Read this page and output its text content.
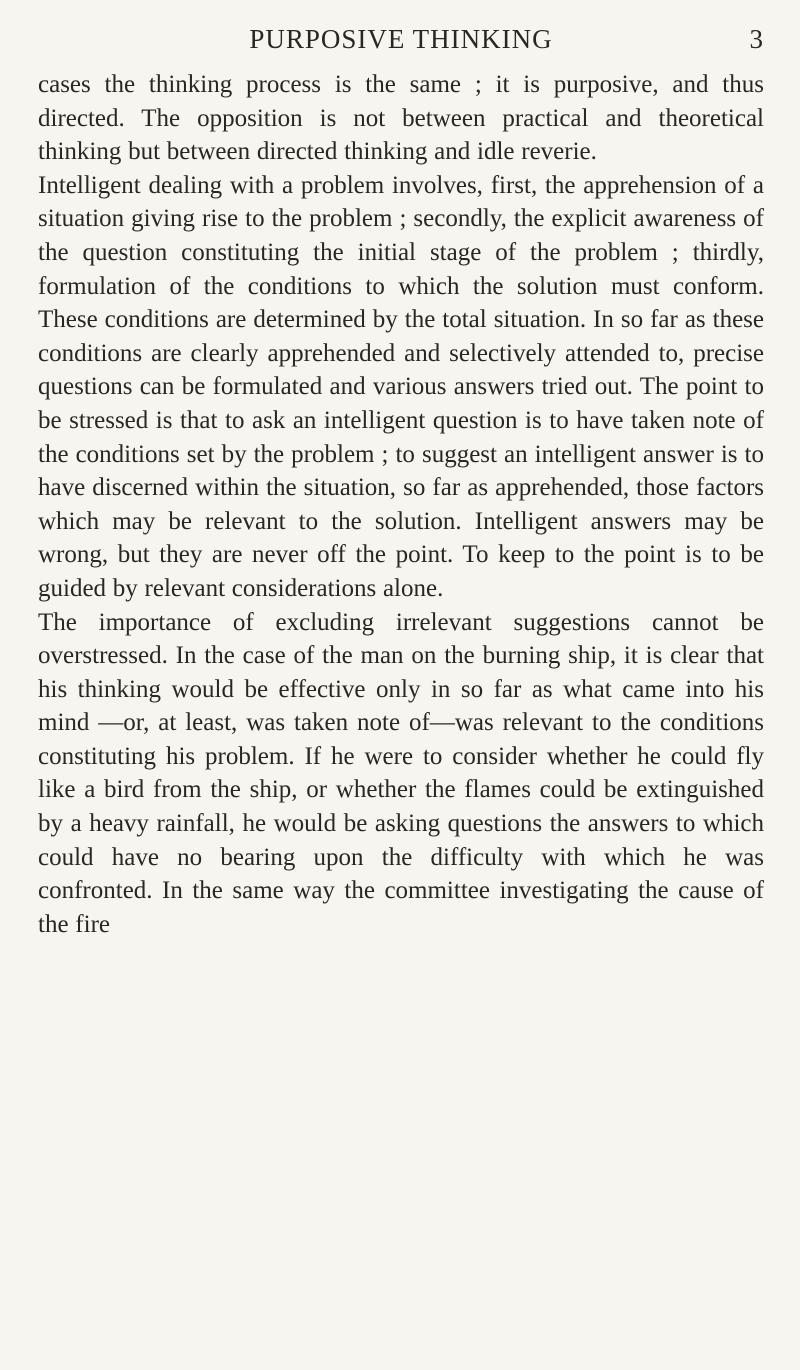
PURPOSIVE THINKING	3

cases the thinking process is the same ; it is purposive, and thus directed. The opposition is not between practical and theoretical thinking but between directed thinking and idle reverie.

Intelligent dealing with a problem involves, first, the apprehension of a situation giving rise to the problem ; secondly, the explicit awareness of the question constituting the initial stage of the problem ; thirdly, formulation of the conditions to which the solution must conform. These conditions are determined by the total situation. In so far as these conditions are clearly apprehended and selectively attended to, precise questions can be formulated and various answers tried out. The point to be stressed is that to ask an intelligent question is to have taken note of the conditions set by the problem ; to suggest an intelligent answer is to have discerned within the situation, so far as apprehended, those factors which may be relevant to the solution. Intelligent answers may be wrong, but they are never off the point. To keep to the point is to be guided by relevant considerations alone.

The importance of excluding irrelevant suggestions cannot be overstressed. In the case of the man on the burning ship, it is clear that his thinking would be effective only in so far as what came into his mind —or, at least, was taken note of—was relevant to the conditions constituting his problem. If he were to consider whether he could fly like a bird from the ship, or whether the flames could be extinguished by a heavy rainfall, he would be asking questions the answers to which could have no bearing upon the difficulty with which he was confronted. In the same way the committee investigating the cause of the fire
